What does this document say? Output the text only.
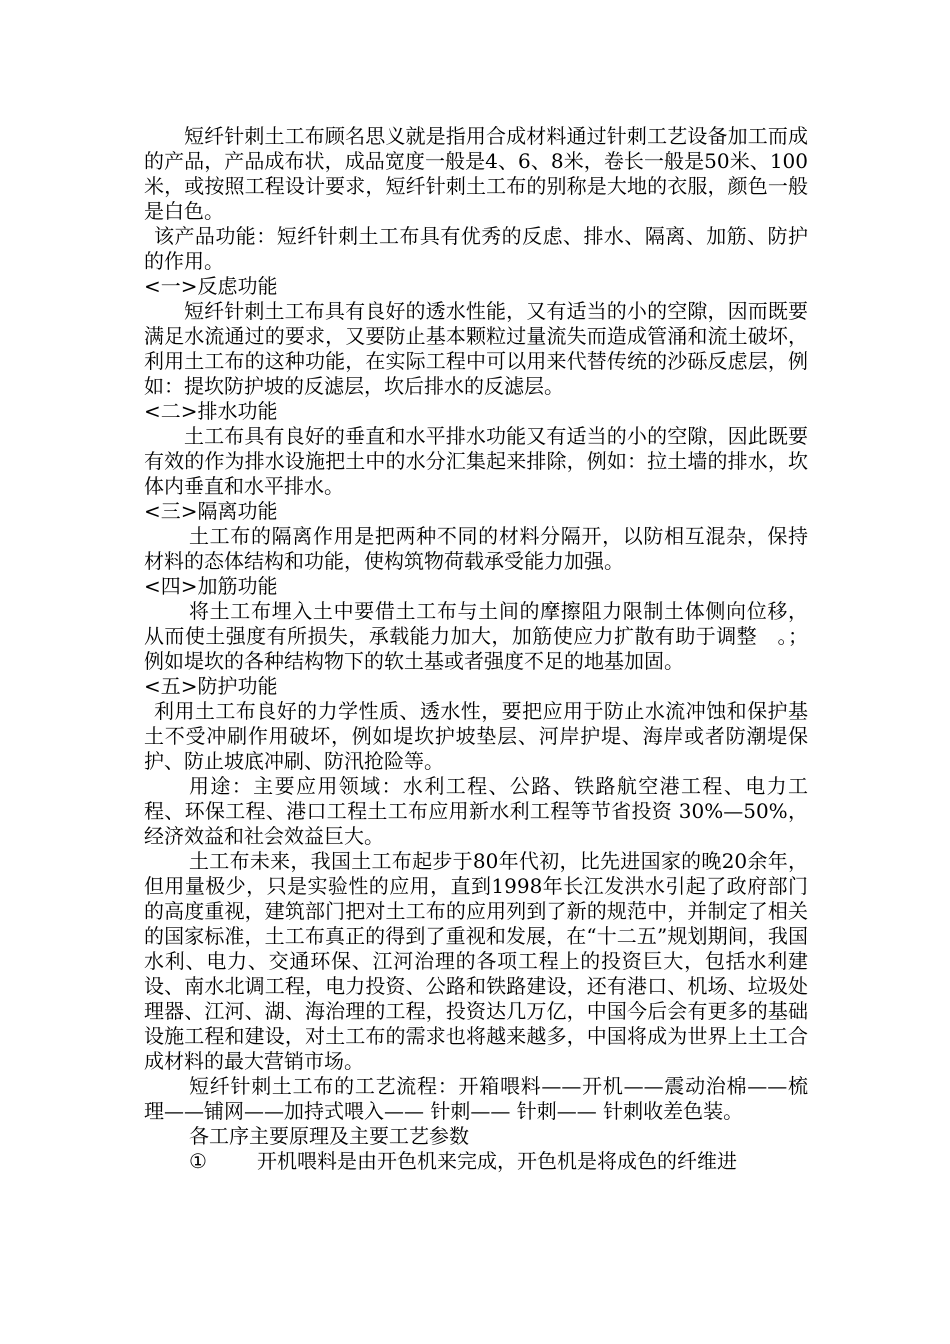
短纤针刺土工布顾名思义就是指用合成材料通过针刺工艺设备加工而成的产品，产品成布状，成品宽度一般是4、6、8米，卷长一般是50米、100米，或按照工程设计要求，短纤针刺土工布的别称是大地的衣服，颜色一般是白色。

该产品功能：短纤针刺土工布具有优秀的反虑、排水、隔离、加筋、防护的作用。

<一>反虑功能

短纤针刺土工布具有良好的透水性能，又有适当的小的空隙，因而既要满足水流通过的要求，又要防止基本颗粒过量流失而造成管涌和流土破坏，利用土工布的这种功能，在实际工程中可以用来代替传统的沙砾反虑层，例如：提坎防护坡的反滤层，坎后排水的反滤层。

<二>排水功能

土工布具有良好的垂直和水平排水功能又有适当的小的空隙，因此既要有效的作为排水设施把土中的水分汇集起来排除，例如：拉土墙的排水，坎体内垂直和水平排水。

<三>隔离功能

土工布的隔离作用是把两种不同的材料分隔开，以防相互混杂，保持材料的态体结构和功能，使构筑物荷载承受能力加强。

<四>加筋功能

将土工布埋入土中要借土工布与土间的摩擦阻力限制土体侧向位移，从而使土强度有所损失，承载能力加大，加筋使应力扩散有助于调整　。；例如堤坎的各种结构物下的软土基或者强度不足的地基加固。

<五>防护功能

利用土工布良好的力学性质、透水性，要把应用于防止水流冲蚀和保护基土不受冲刷作用破坏，例如堤坎护坡垫层、河岸护堤、海岸或者防潮堤保护、防止坡底冲刷、防汛抢险等。

用途：主要应用领域：水利工程、公路、铁路航空港工程、电力工程、环保工程、港口工程土工布应用新水利工程等节省投资 30%—50%，经济效益和社会效益巨大。

土工布未来，我国土工布起步于80年代初，比先进国家的晚20余年，但用量极少，只是实验性的应用，直到1998年长江发洪水引起了政府部门的高度重视，建筑部门把对土工布的应用列到了新的规范中，并制定了相关的国家标准，土工布真正的得到了重视和发展，在“十二五”规划期间，我国水利、电力、交通环保、江河治理的各项工程上的投资巨大，包括水利建设、南水北调工程，电力投资、公路和铁路建设，还有港口、机场、垃圾处理器、江河、湖、海治理的工程，投资达几万亿，中国今后会有更多的基础设施工程和建设，对土工布的需求也将越来越多，中国将成为世界上土工合成材料的最大营销市场。

短纤针刺土工布的工艺流程：开箱喂料——开机——震动治棉——梳理——铺网——加持式喂入—— 针刺—— 针刺—— 针刺收差色装。

各工序主要原理及主要工艺参数

①	开机喂料是由开色机来完成，开色机是将成色的纤维进
